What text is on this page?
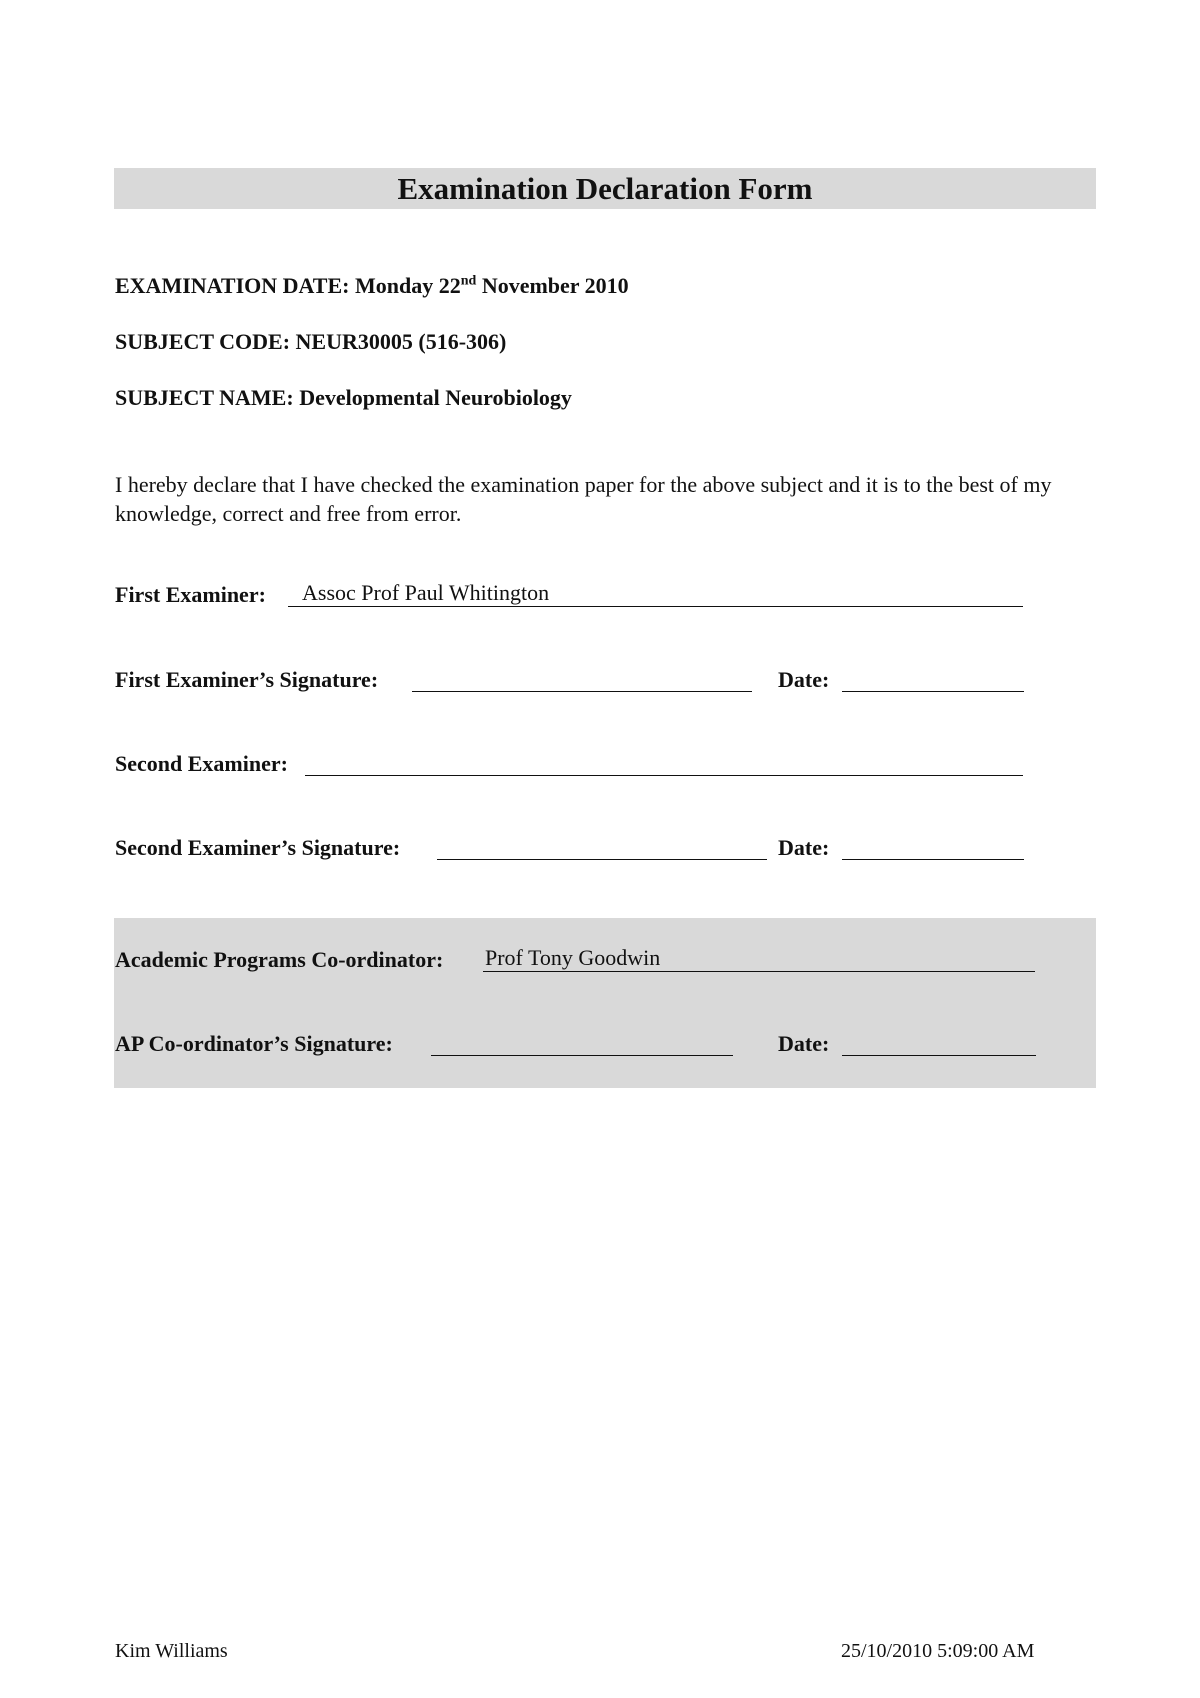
Examination Declaration Form
EXAMINATION DATE: Monday 22nd November 2010
SUBJECT CODE: NEUR30005 (516-306)
SUBJECT NAME: Developmental Neurobiology
I hereby declare that I have checked the examination paper for the above subject and it is to the best of my knowledge, correct and free from error.
First Examiner: Assoc Prof Paul Whitington
First Examiner’s Signature:	Date:
Second Examiner:
Second Examiner’s Signature:	Date:
Academic Programs Co-ordinator: Prof Tony Goodwin
AP Co-ordinator’s Signature:	Date:
Kim Williams	25/10/2010 5:09:00 AM
